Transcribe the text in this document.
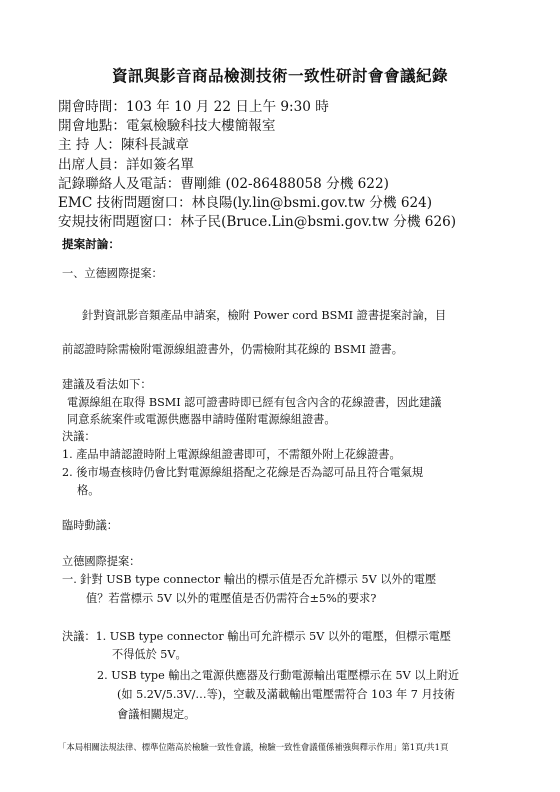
資訊與影音商品檢測技術一致性研討會會議紀錄
開會時間：103 年 10 月 22 日上午 9:30 時
開會地點：電氣檢驗科技大樓簡報室
主 持 人：陳科長誠章
出席人員：詳如簽名單
記錄聯絡人及電話：曹剛維 (02-86488058 分機 622)
EMC 技術問題窗口：林良陽(ly.lin@bsmi.gov.tw 分機 624)
安規技術問題窗口：林子民(Bruce.Lin@bsmi.gov.tw 分機 626)
提案討論：
一、立德國際提案：
針對資訊影音類產品申請案，檢附 Power cord BSMI 證書提案討論，目
前認證時除需檢附電源線組證書外，仍需檢附其花線的 BSMI 證書。
建議及看法如下：
電源線組在取得 BSMI 認可證書時即已經有包含內含的花線證書，因此建議
同意系統案件或電源供應器申請時僅附電源線組證書。
決議：
1. 產品申請認證時附上電源線組證書即可，不需額外附上花線證書。
2. 後市場查核時仍會比對電源線組搭配之花線是否為認可品且符合電氣規
格。
臨時動議：
立德國際提案：
一. 針對 USB type connector 輸出的標示值是否允許標示 5V 以外的電壓
值？若當標示 5V 以外的電壓值是否仍需符合±5%的要求?
決議：1. USB type connector 輸出可允許標示 5V 以外的電壓，但標示電壓
不得低於 5V。
2. USB type 輸出之電源供應器及行動電源輸出電壓標示在 5V 以上附近
(如 5.2V/5.3V/…等)，空載及滿載輸出電壓需符合 103 年 7 月技術
會議相關規定。
「本局相關法規法律、標準位階高於檢驗一致性會議，檢驗一致性會議僅係補強與釋示作用」第1頁/共1頁
